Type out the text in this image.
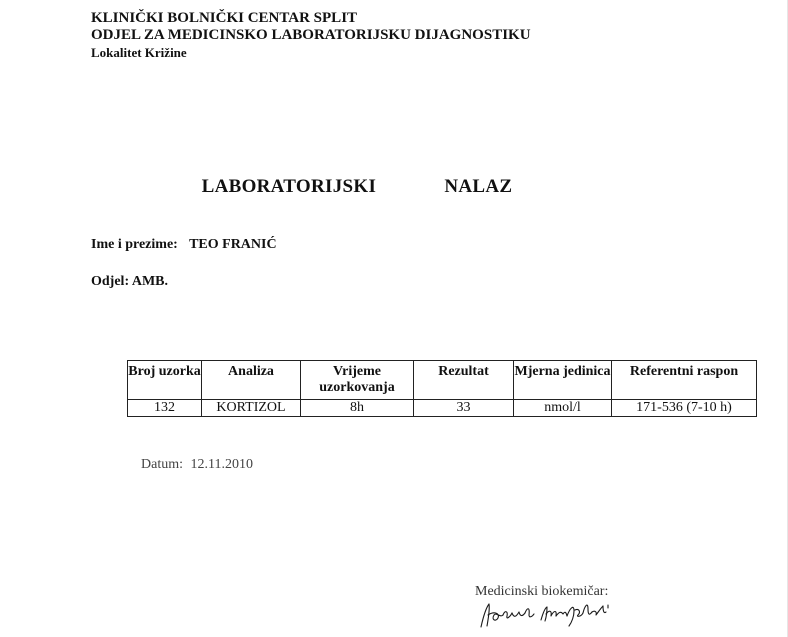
KLINIČKI BOLNIČKI CENTAR SPLIT
ODJEL ZA MEDICINSKO LABORATORIJSKU DIJAGNOSTIKU
Lokalitet Križine
LABORATORIJSKI    NALAZ
Ime i prezime: TEO FRANIĆ
Odjel: AMB.
Broj uzorka	Analiza	Vrijeme uzorkovanja	Rezultat	Mjerna jedinica	Referentni raspon
132	KORTIZOL	8h	33	nmol/l	171-536 (7-10 h)
Datum: 12.11.2010
Medicinski biokemičar:
